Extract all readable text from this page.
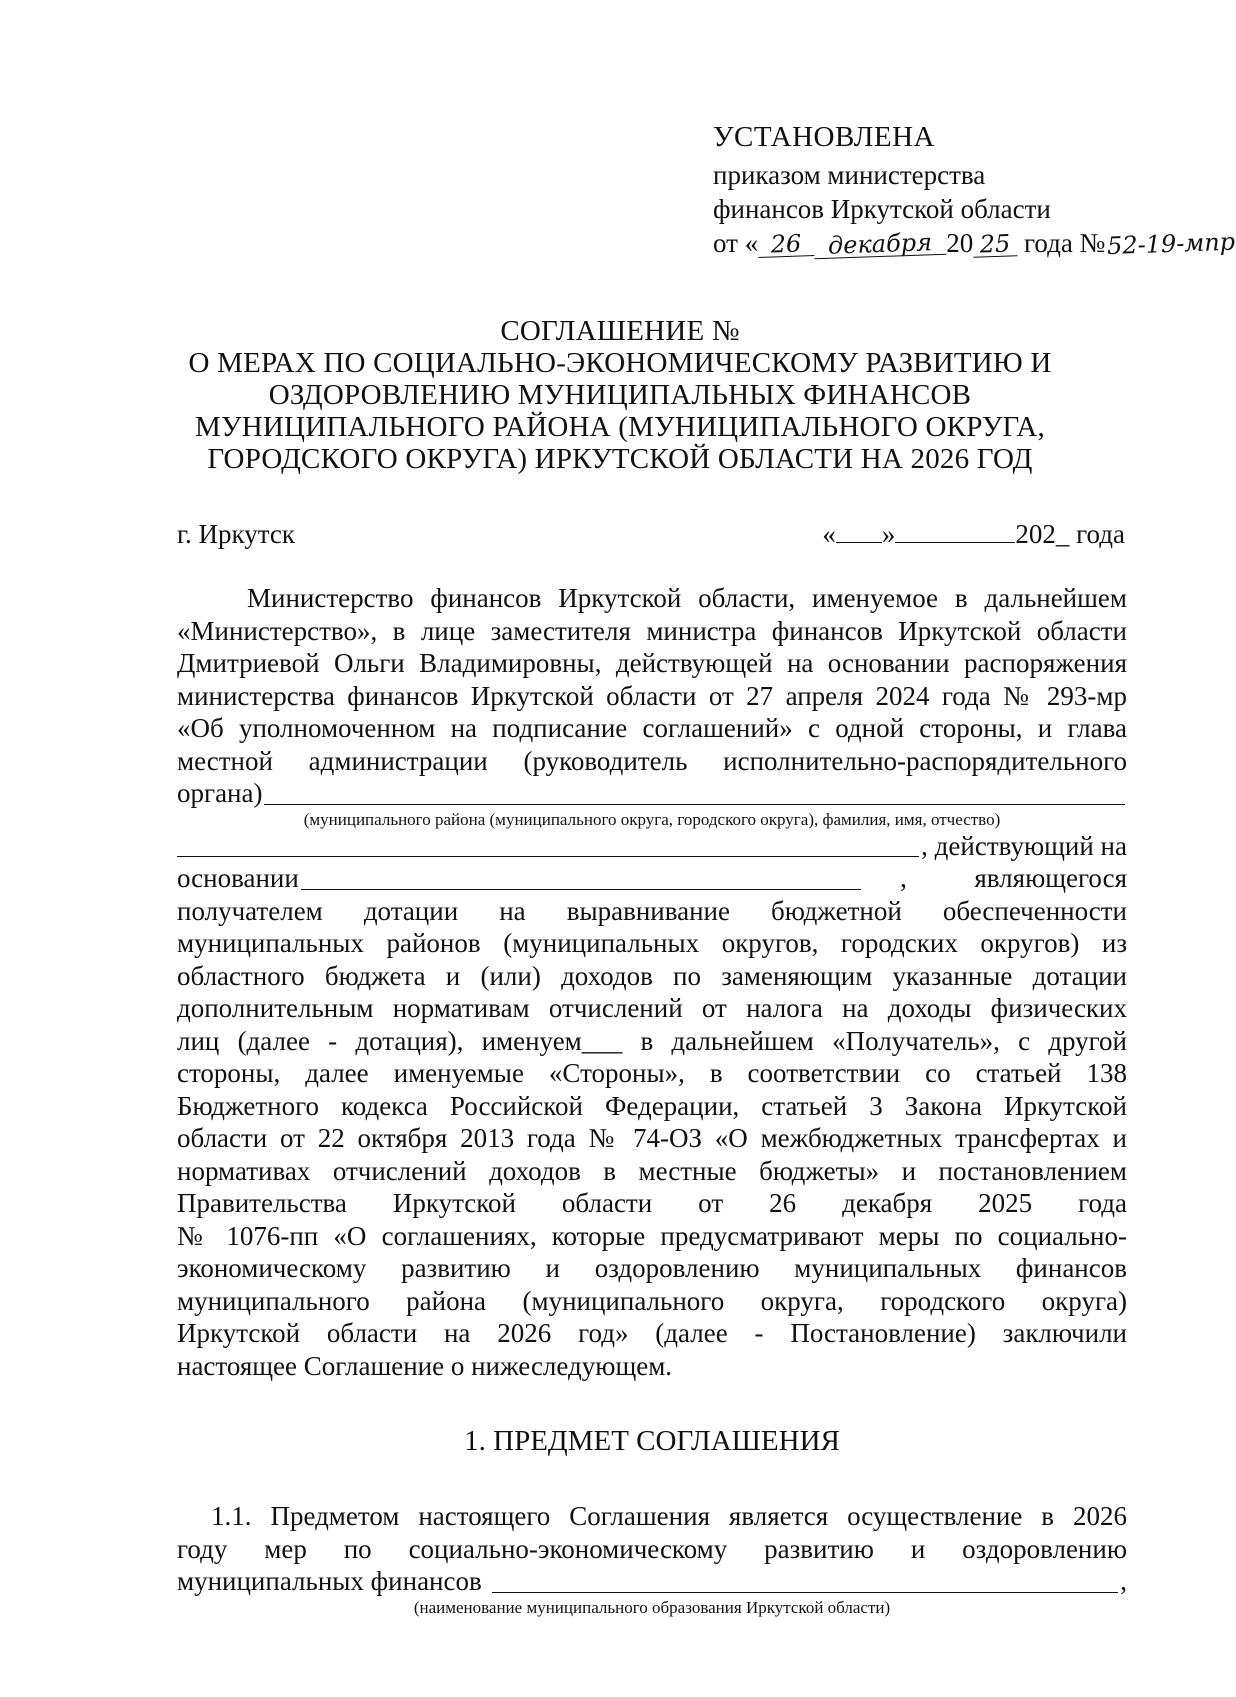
УСТАНОВЛЕНА
приказом министерства
финансов Иркутской области
от « 26 декабря 20 25 года №52-19-мпр
СОГЛАШЕНИЕ №
О МЕРАХ ПО СОЦИАЛЬНО-ЭКОНОМИЧЕСКОМУ РАЗВИТИЮ И
ОЗДОРОВЛЕНИЮ МУНИЦИПАЛЬНЫХ ФИНАНСОВ
МУНИЦИПАЛЬНОГО РАЙОНА (МУНИЦИПАЛЬНОГО ОКРУГА,
ГОРОДСКОГО ОКРУГА) ИРКУТСКОЙ ОБЛАСТИ НА 2026 ГОД
г. Иркутск	« »	202_ года
Министерство финансов Иркутской области, именуемое в дальнейшем
«Министерство», в лице заместителя министра финансов Иркутской области
Дмитриевой Ольги Владимировны, действующей на основании распоряжения
министерства финансов Иркутской области от 27 апреля 2024 года № 293-мр
«Об уполномоченном на подписание соглашений» с одной стороны, и глава
местной администрации (руководитель исполнительно-распорядительного
органа)
(муниципального района (муниципального округа, городского округа), фамилия, имя, отчество)
, действующий на
основании	,          являющегося
получателем дотации на выравнивание бюджетной обеспеченности
муниципальных районов (муниципальных округов, городских округов) из
областного бюджета и (или) доходов по заменяющим указанные дотации
дополнительным нормативам отчислений от налога на доходы физических
лиц (далее - дотация), именуем___ в дальнейшем «Получатель», с другой
стороны, далее именуемые «Стороны», в соответствии со статьей 138
Бюджетного кодекса Российской Федерации, статьей 3 Закона Иркутской
области от 22 октября 2013 года № 74-ОЗ «О межбюджетных трансфертах и
нормативах отчислений доходов в местные бюджеты» и постановлением
Правительства Иркутской области от 26 декабря 2025 года
№ 1076-пп «О соглашениях, которые предусматривают меры по социально-
экономическому развитию и оздоровлению муниципальных финансов
муниципального района (муниципального округа, городского округа)
Иркутской области на 2026 год» (далее - Постановление) заключили
настоящее Соглашение о нижеследующем.
1. ПРЕДМЕТ СОГЛАШЕНИЯ
1.1. Предметом настоящего Соглашения является осуществление в 2026
году мер по социально-экономическому развитию и оздоровлению
муниципальных финансов	,
(наименование муниципального образования Иркутской области)
